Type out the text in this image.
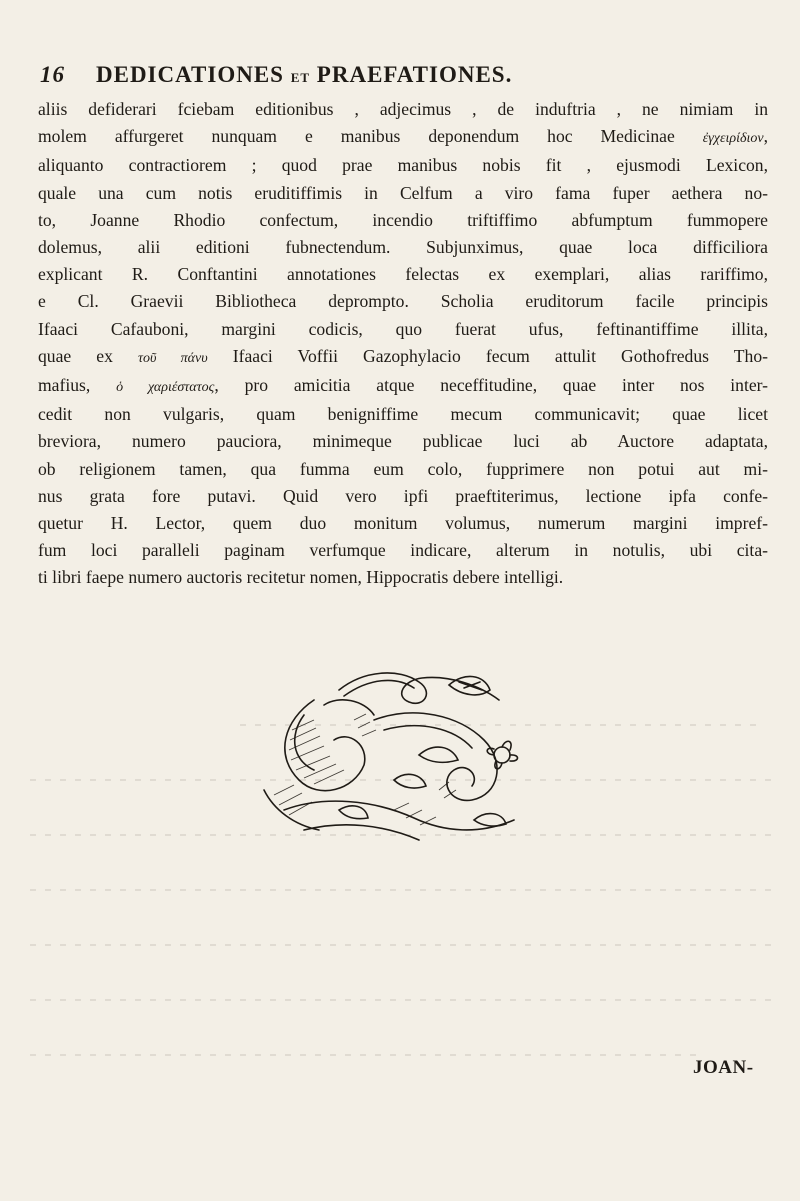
16 DEDICATIONES ET PRAEFATIONES.
aliis defiderari fciebam editionibus , adjecimus , de induftria , ne nimiam in
molem affurgeret nunquam e manibus deponendum hoc Medicinae ἐγχειρίδιον,
aliquanto contractiorem ; quod prae manibus nobis fit , ejusmodi Lexicon,
quale una cum notis eruditiffimis in Celfum a viro fama fuper aethera no-
to, Joanne Rhodio confectum, incendio triftiffimo abfumptum fummopere
dolemus, alii editioni fubnectendum. Subjunximus, quae loca difficiliora
explicant R. Conftantini annotationes felectas ex exemplari, alias rariffimo,
e Cl. Graevii Bibliotheca deprompto. Scholia eruditorum facile principis
Ifaaci Cafauboni, margini codicis, quo fuerat ufus, feftinantiffime illita,
quae ex τοῦ πάνυ Ifaaci Voffii Gazophylacio fecum attulit Gothofredus Tho-
mafius, ὁ χαριέστατος, pro amicitia atque neceffitudine, quae inter nos inter-
cedit non vulgaris, quam benigniffime mecum communicavit; quae licet
breviora, numero pauciora, minimeque publicae luci ab Auctore adaptata,
ob religionem tamen, qua fumma eum colo, fupprimere non potui aut mi-
nus grata fore putavi. Quid vero ipfi praeftiterimus, lectione ipfa confe-
quetur H. Lector, quem duo monitum volumus, numerum margini impref-
fum loci paralleli paginam verfumque indicare, alterum in notulis, ubi cita-
ti libri faepe numero auctoris recitetur nomen, Hippocratis debere intelligi.
JOAN-
